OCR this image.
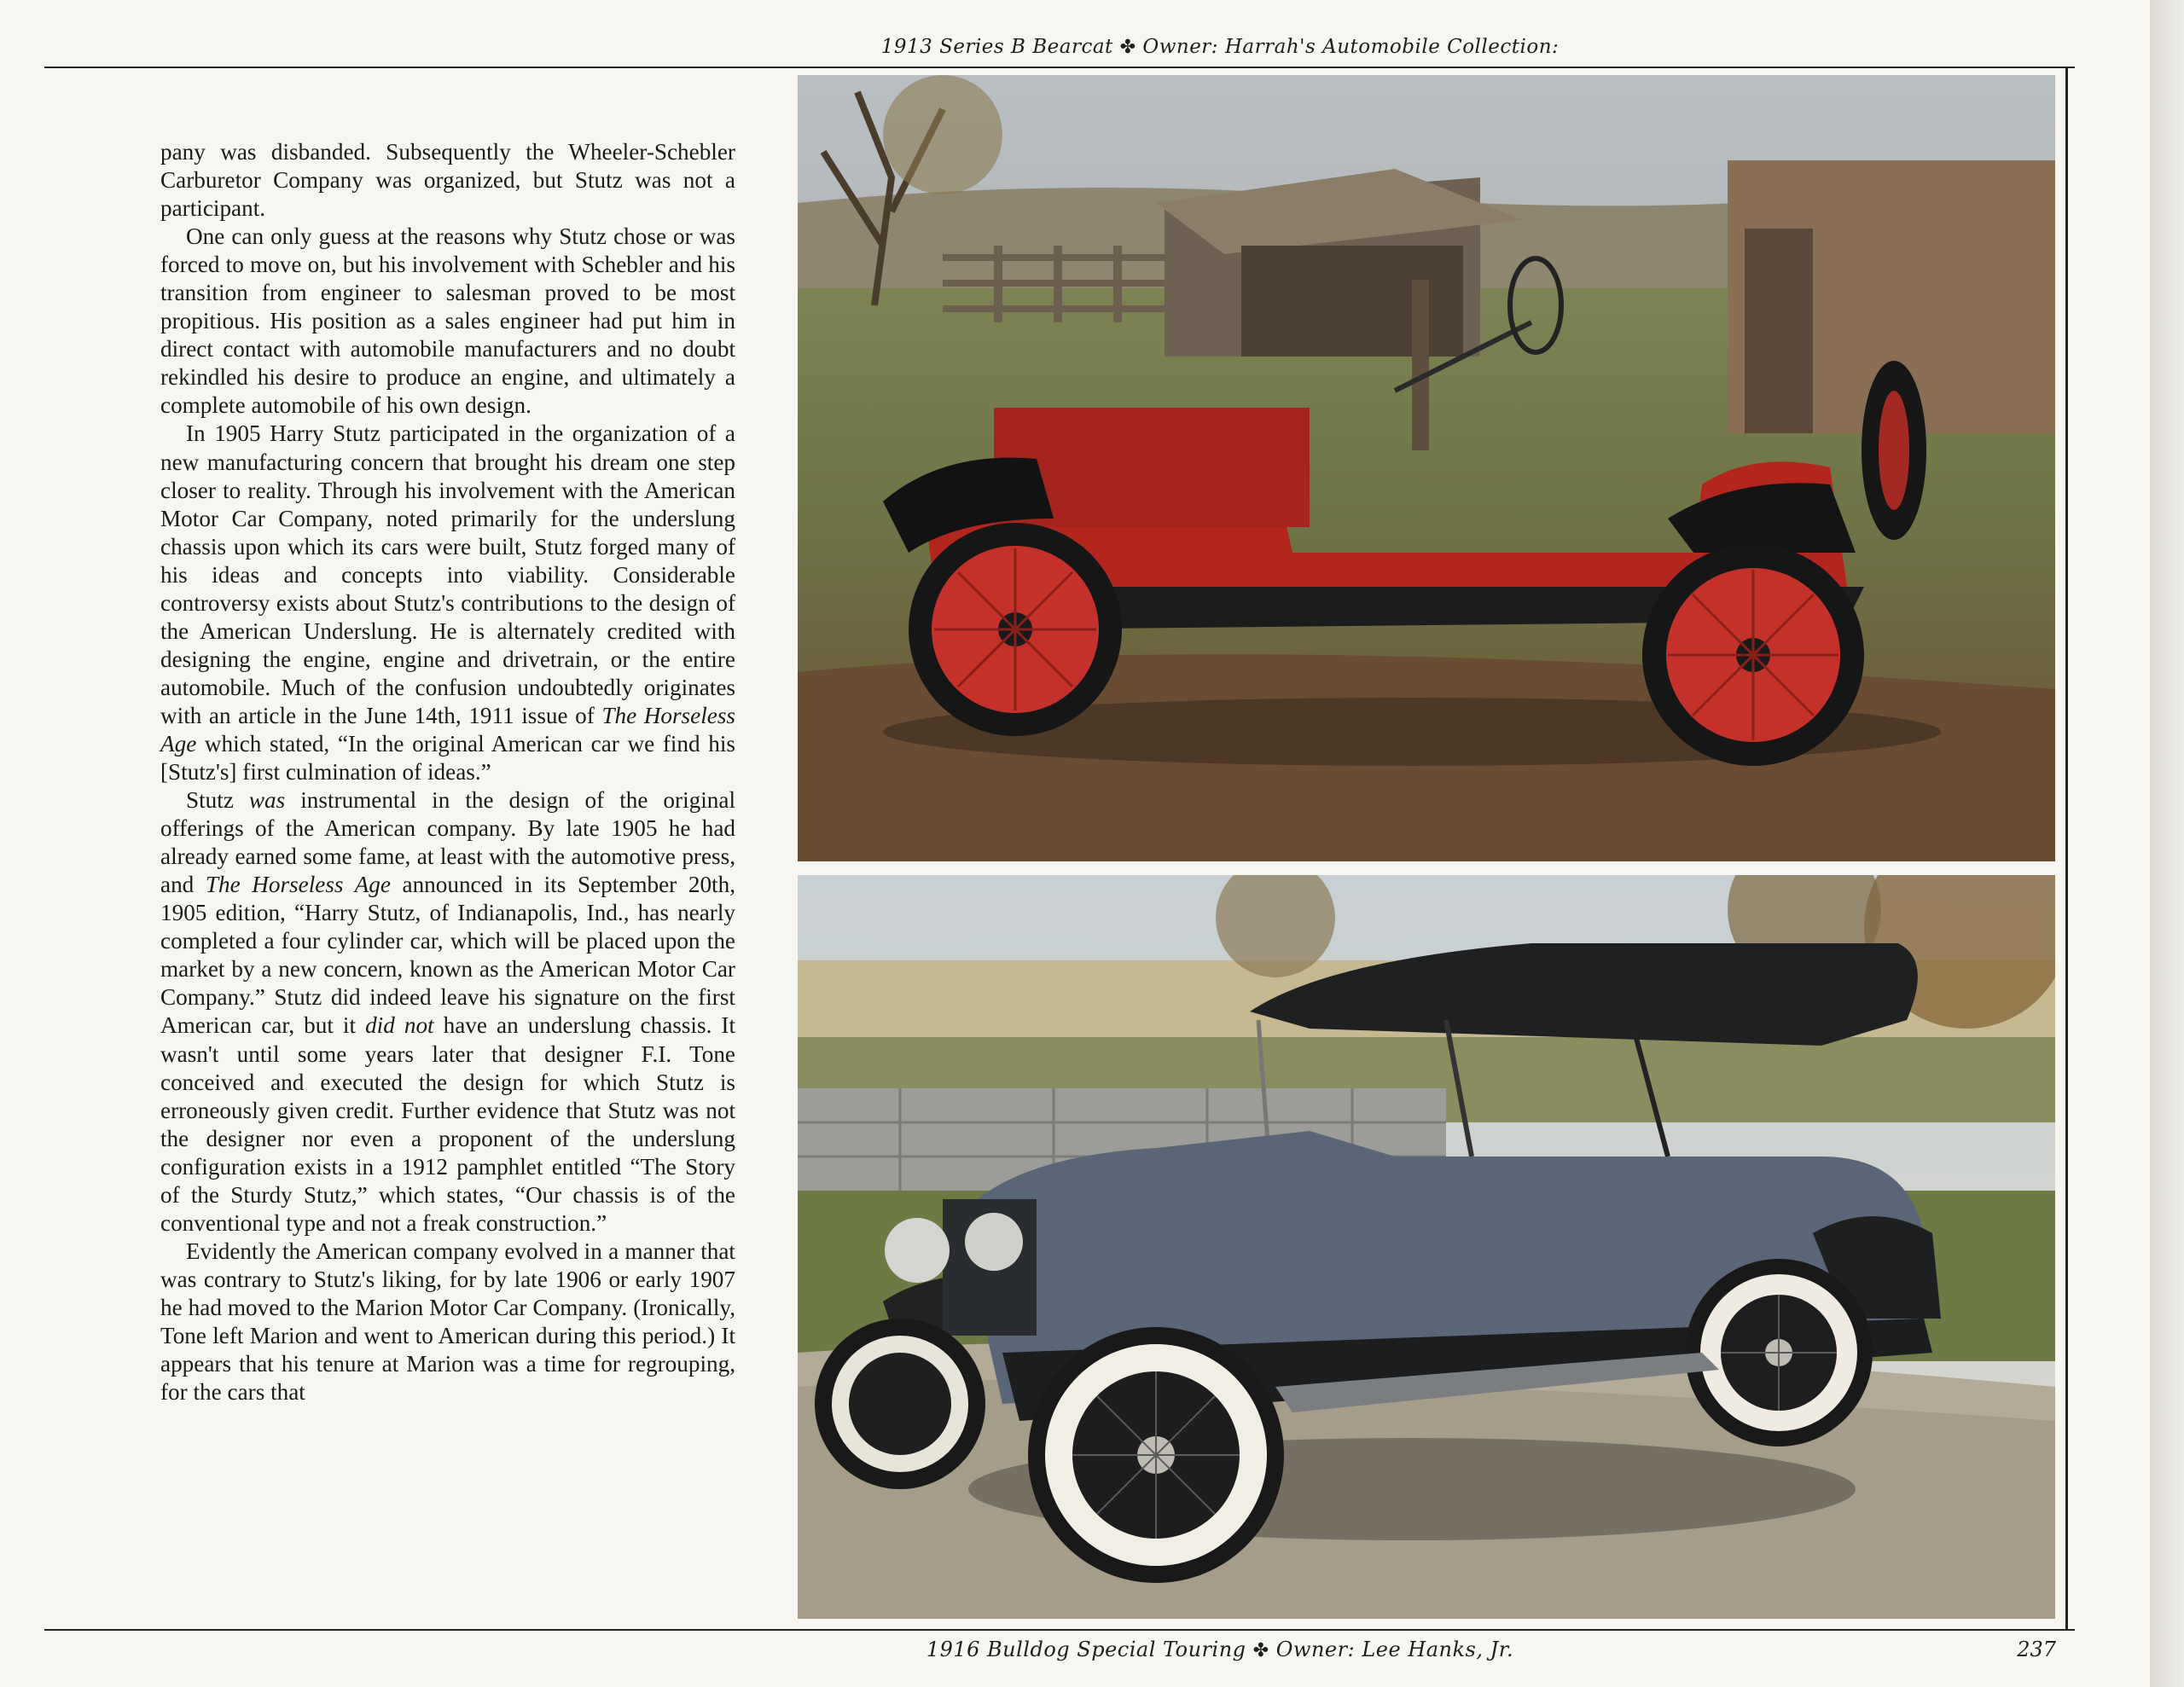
1913 Series B Bearcat ✤ Owner: Harrah's Automobile Collection:

pany was disbanded. Subsequently the Wheeler-Schebler Carburetor Company was organized, but Stutz was not a participant.

One can only guess at the reasons why Stutz chose or was forced to move on, but his involvement with Schebler and his transition from engineer to salesman proved to be most propitious. His position as a sales engineer had put him in direct contact with automobile manufacturers and no doubt rekindled his desire to produce an engine, and ultimately a complete automobile of his own design.

In 1905 Harry Stutz participated in the organization of a new manufacturing concern that brought his dream one step closer to reality. Through his involvement with the American Motor Car Company, noted primarily for the underslung chassis upon which its cars were built, Stutz forged many of his ideas and concepts into viability. Considerable controversy exists about Stutz's contributions to the design of the American Underslung. He is alternately credited with designing the engine, engine and drivetrain, or the entire automobile. Much of the confusion undoubtedly originates with an article in the June 14th, 1911 issue of The Horseless Age which stated, “In the original American car we find his [Stutz's] first culmination of ideas.”

Stutz was instrumental in the design of the original offerings of the American company. By late 1905 he had already earned some fame, at least with the automotive press, and The Horseless Age announced in its September 20th, 1905 edition, “Harry Stutz, of Indianapolis, Ind., has nearly completed a four cylinder car, which will be placed upon the market by a new concern, known as the American Motor Car Company.” Stutz did indeed leave his signature on the first American car, but it did not have an underslung chassis. It wasn't until some years later that designer F.I. Tone conceived and executed the design for which Stutz is erroneously given credit. Further evidence that Stutz was not the designer nor even a proponent of the underslung configuration exists in a 1912 pamphlet entitled “The Story of the Sturdy Stutz,” which states, “Our chassis is of the conventional type and not a freak construction.”

Evidently the American company evolved in a manner that was contrary to Stutz's liking, for by late 1906 or early 1907 he had moved to the Marion Motor Car Company. (Ironically, Tone left Marion and went to American during this period.) It appears that his tenure at Marion was a time for regrouping, for the cars that

1916 Bulldog Special Touring ✤ Owner: Lee Hanks, Jr.	237
